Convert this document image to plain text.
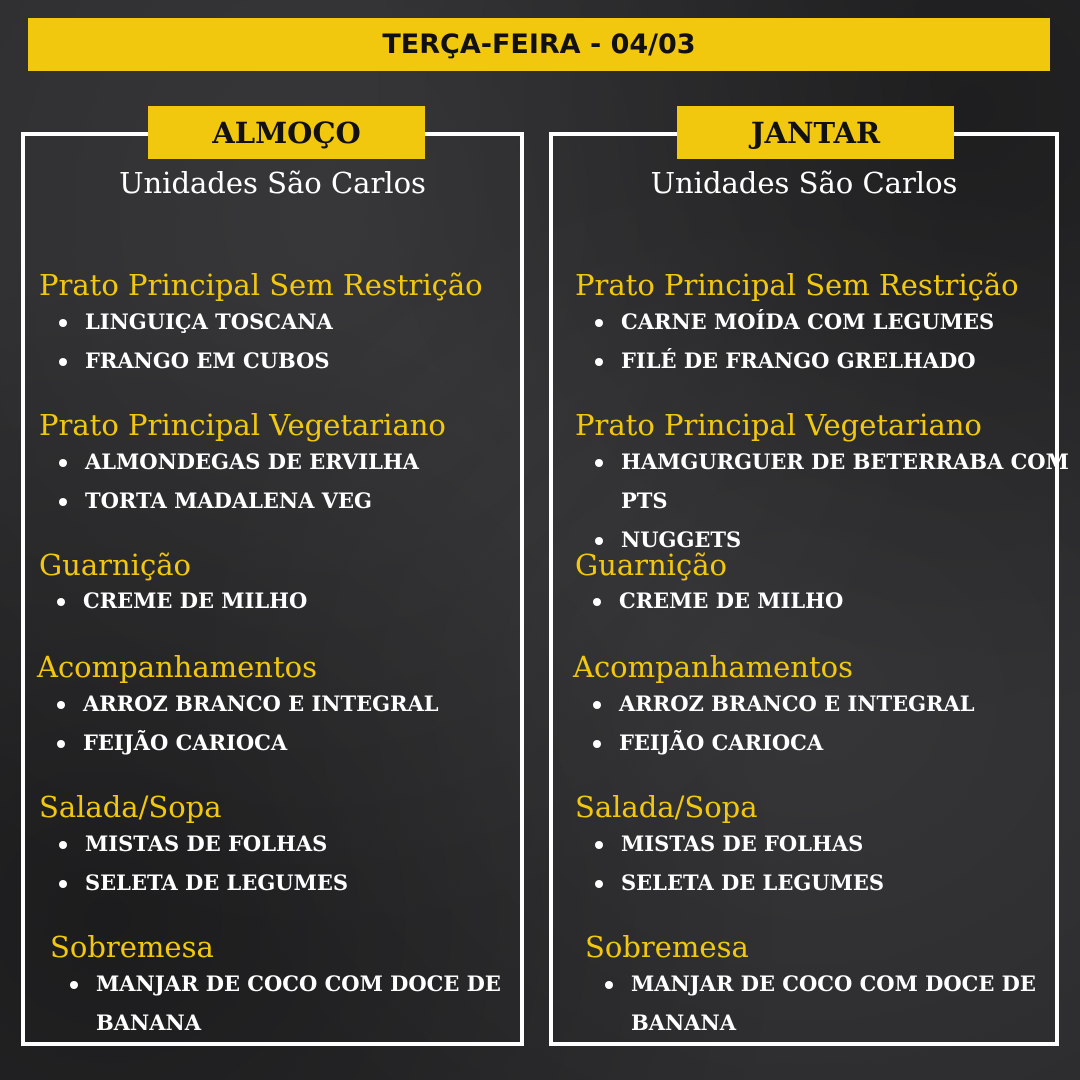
TERÇA-FEIRA - 04/03
ALMOÇO	JANTAR
Unidades São Carlos	Unidades São Carlos
Prato Principal Sem Restrição
LINGUIÇA TOSCANA
FRANGO EM CUBOS
Prato Principal Vegetariano
ALMONDEGAS DE ERVILHA
TORTA MADALENA VEG
Guarnição
CREME DE MILHO
Acompanhamentos
ARROZ BRANCO E INTEGRAL
FEIJÃO CARIOCA
Salada/Sopa
MISTAS DE FOLHAS
SELETA DE LEGUMES
Sobremesa
MANJAR DE COCO COM DOCE DE
BANANA
Prato Principal Sem Restrição
CARNE MOÍDA COM LEGUMES
FILÉ DE FRANGO GRELHADO
Prato Principal Vegetariano
HAMGURGUER DE BETERRABA COM
PTS
NUGGETS
Guarnição
CREME DE MILHO
Acompanhamentos
ARROZ BRANCO E INTEGRAL
FEIJÃO CARIOCA
Salada/Sopa
MISTAS DE FOLHAS
SELETA DE LEGUMES
Sobremesa
MANJAR DE COCO COM DOCE DE
BANANA
